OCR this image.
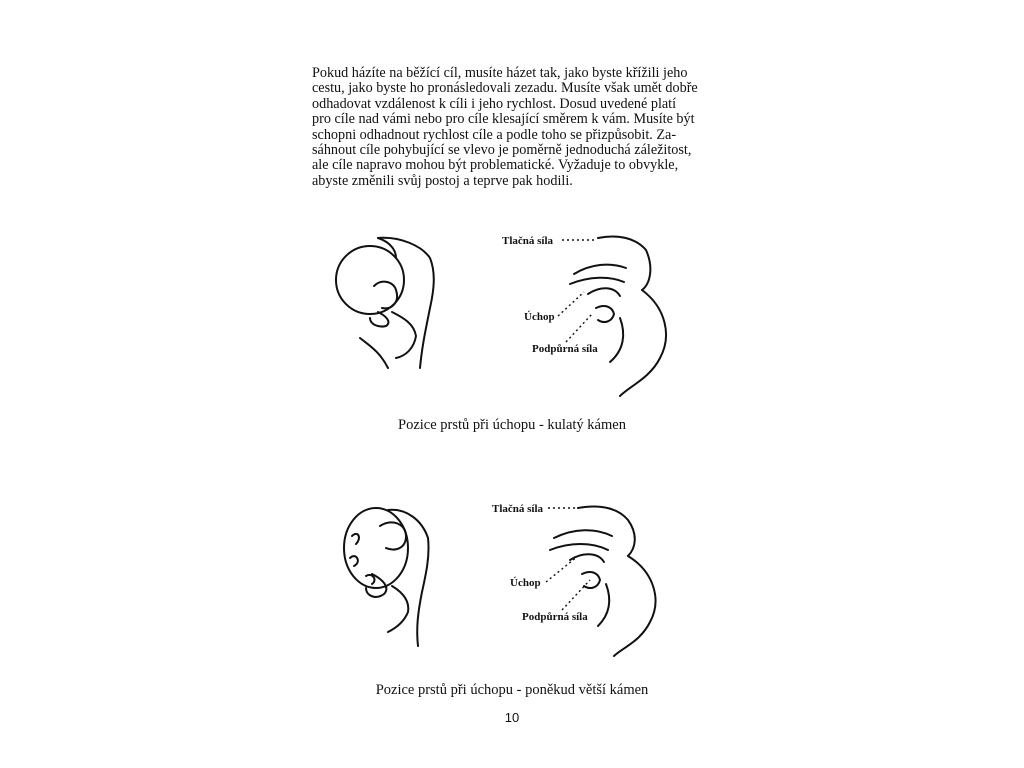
Pokud házíte na běžící cíl, musíte házet tak, jako byste křížili jeho
cestu, jako byste ho pronásledovali zezadu. Musíte však umět dobře
odhadovat vzdálenost k cíli i jeho rychlost. Dosud uvedené platí
pro cíle nad vámi nebo pro cíle klesající směrem k vám. Musíte být
schopni odhadnout rychlost cíle a podle toho se přizpůsobit. Za-
sáhnout cíle pohybující se vlevo je poměrně jednoduchá záležitost,
ale cíle napravo mohou být problematické. Vyžaduje to obvykle,
abyste změnili svůj postoj a teprve pak hodili.
Tlačná síla
Úchop
Podpůrná síla
Pozice prstů při úchopu - kulatý kámen
Tlačná síla
Úchop
Podpůrná síla
Pozice prstů při úchopu - poněkud větší kámen
10
